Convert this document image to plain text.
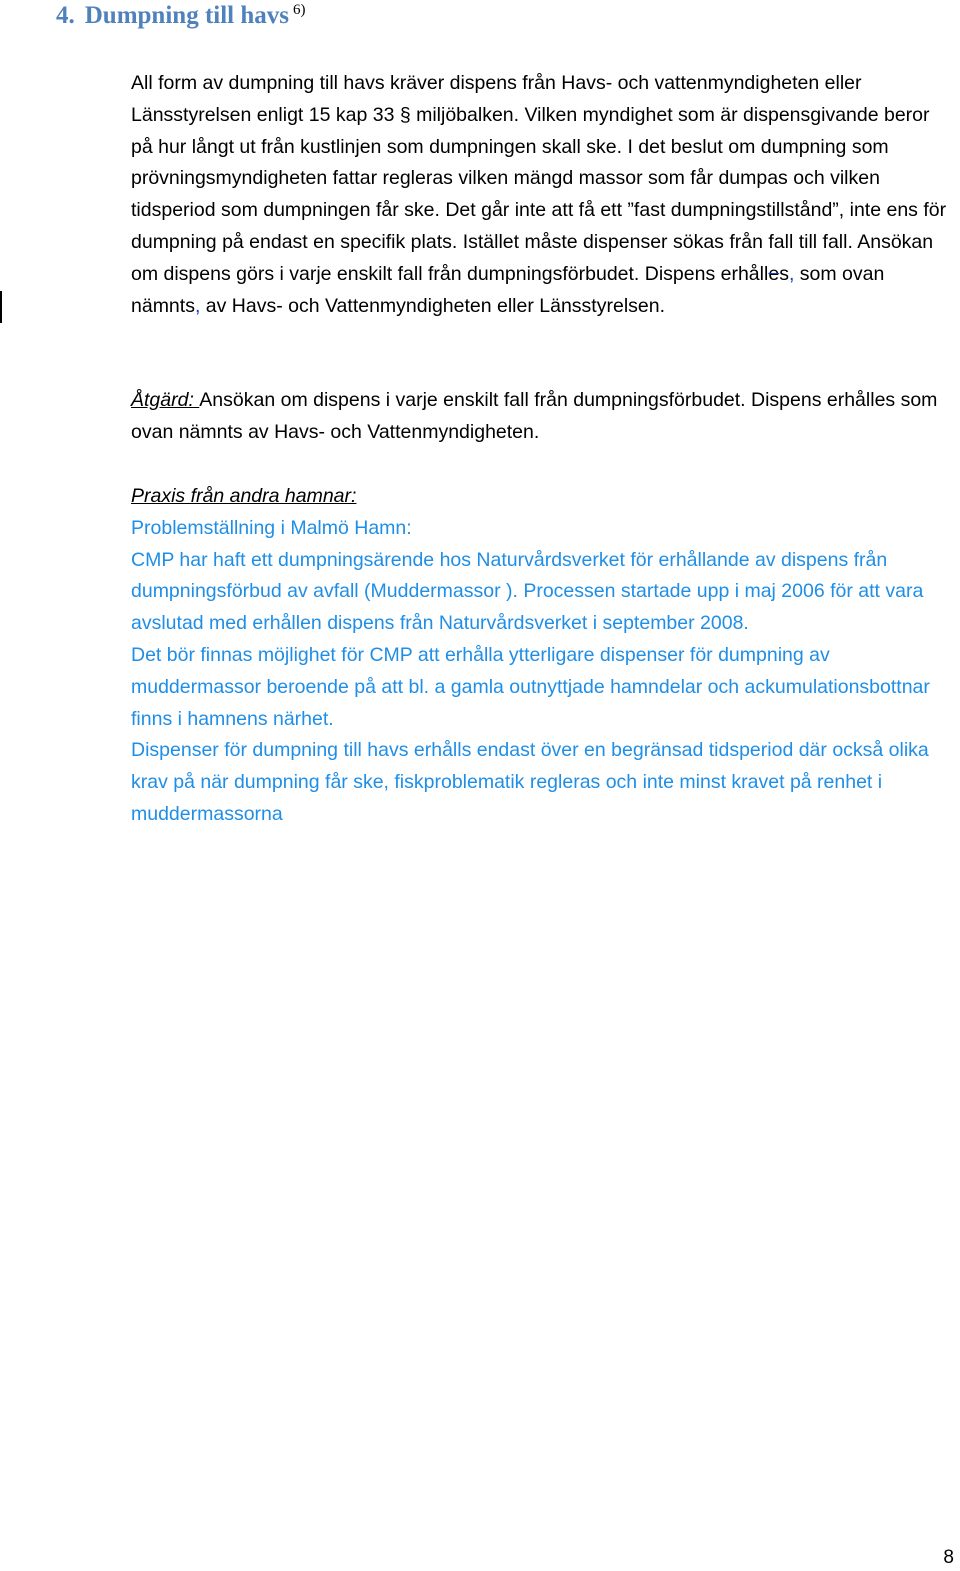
4. Dumpning till havs $^{6)}$

All form av dumpning till havs kräver dispens från Havs- och vattenmyndigheten eller Länsstyrelsen enligt 15 kap 33 § miljöbalken. Vilken myndighet som är dispensgivande beror på hur långt ut från kustlinjen som dumpningen skall ske. I det beslut om dumpning som prövningsmyndigheten fattar regleras vilken mängd massor som får dumpas och vilken tidsperiod som dumpningen får ske. Det går inte att få ett ”fast dumpningstillstånd”, inte ens för dumpning på endast en specifik plats. Istället måste dispenser sökas från fall till fall. Ansökan om dispens görs i varje enskilt fall från dumpningsförbudet. Dispens erhålles, som ovan nämnts, av Havs- och Vattenmyndigheten eller Länsstyrelsen.

Åtgärd: Ansökan om dispens i varje enskilt fall från dumpningsförbudet. Dispens erhålles som ovan nämnts av Havs- och Vattenmyndigheten.

Praxis från andra hamnar:

Problemställning i Malmö Hamn:

CMP har haft ett dumpningsärende hos Naturvårdsverket för erhållande av dispens från dumpningsförbud av avfall (Muddermassor ). Processen startade upp i maj 2006 för att vara avslutad med erhållen dispens från Naturvårdsverket i september 2008.

Det bör finnas möjlighet för CMP att erhålla ytterligare dispenser för dumpning av muddermassor beroende på att bl. a gamla outnyttjade hamndelar och ackumulationsbottnar finns i hamnens närhet.

Dispenser för dumpning till havs erhålls endast över en begränsad tidsperiod där också olika krav på när dumpning får ske, fiskproblematik regleras och inte minst kravet på renhet i muddermassorna

8
